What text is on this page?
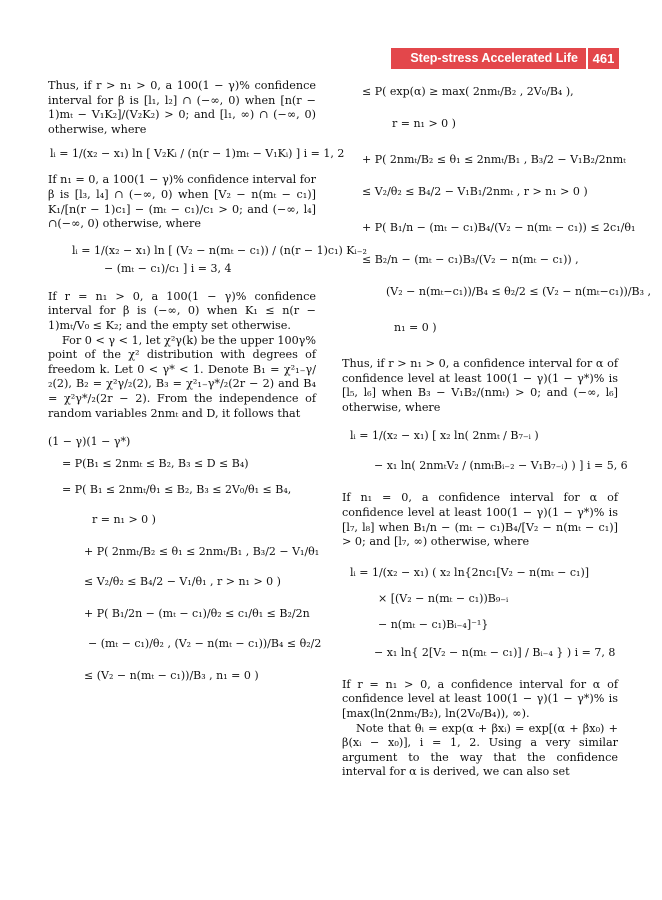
Step-stress Accelerated Life Testing
461

Thus, if r > n₁ > 0, a 100(1 − γ)% confidence interval for β is [l₁, l₂] ∩ (−∞, 0) when [n(r − 1)mₜ − V₁K₂]/(V₂K₂) > 0; and [l₁, ∞) ∩ (−∞, 0) otherwise, where

lᵢ = 1/(x₂ − x₁) ln [ V₂Kᵢ / (n(r − 1)mₜ − V₁Kᵢ) ] i = 1, 2

If n₁ = 0, a 100(1 − γ)% confidence interval for β is [l₃, l₄] ∩ (−∞, 0) when [V₂ − n(mₜ − c₁)] K₁/[n(r − 1)c₁] − (mₜ − c₁)/c₁ > 0; and (−∞, l₄] ∩(−∞, 0) otherwise, where

lᵢ = 1/(x₂ − x₁) ln [ (V₂ − n(mₜ − c₁)) / (n(r − 1)c₁) Kᵢ₋₂
− (mₜ − c₁)/c₁ ] i = 3, 4

If r = n₁ > 0, a 100(1 − γ)% confidence interval for β is (−∞, 0) when K₁ ≤ n(r − 1)mₜ/V₀ ≤ K₂; and the empty set otherwise.

For 0 < γ < 1, let χ²γ(k) be the upper 100γ% point of the χ² distribution with degrees of freedom k. Let 0 < γ* < 1. Denote B₁ = χ²₁₋γ/₂(2), B₂ = χ²γ/₂(2), B₃ = χ²₁₋γ*/₂(2r − 2) and B₄ = χ²γ*/₂(2r − 2). From the independence of random variables 2nmₜ and D, it follows that

(1 − γ)(1 − γ*)
= P(B₁ ≤ 2nmₜ ≤ B₂, B₃ ≤ D ≤ B₄)
= P( B₁ ≤ 2nmₜ/θ₁ ≤ B₂, B₃ ≤ 2V₀/θ₁ ≤ B₄,
r = n₁ > 0 )
+ P( 2nmₜ/B₂ ≤ θ₁ ≤ 2nmₜ/B₁ , B₃/2 − V₁/θ₁
≤ V₂/θ₂ ≤ B₄/2 − V₁/θ₁ , r > n₁ > 0 )
+ P( B₁/2n − (mₜ − c₁)/θ₂ ≤ c₁/θ₁ ≤ B₂/2n
− (mₜ − c₁)/θ₂ , (V₂ − n(mₜ − c₁))/B₄ ≤ θ₂/2
≤ (V₂ − n(mₜ − c₁))/B₃ , n₁ = 0 )
≤ P( exp(α) ≥ max( 2nmₜ/B₂ , 2V₀/B₄ ),
r = n₁ > 0 )
+ P( 2nmₜ/B₂ ≤ θ₁ ≤ 2nmₜ/B₁ , B₃/2 − V₁B₂/2nmₜ
≤ V₂/θ₂ ≤ B₄/2 − V₁B₁/2nmₜ , r > n₁ > 0 )
+ P( B₁/n − (mₜ − c₁)B₄/(V₂ − n(mₜ − c₁)) ≤ 2c₁/θ₁
≤ B₂/n − (mₜ − c₁)B₃/(V₂ − n(mₜ − c₁)) ,
(V₂ − n(mₜ−c₁))/B₄ ≤ θ₂/2 ≤ (V₂ − n(mₜ−c₁))/B₃ ,
n₁ = 0 )

Thus, if r > n₁ > 0, a confidence interval for α of confidence level at least 100(1 − γ)(1 − γ*)% is [l₅, l₆] when B₃ − V₁B₂/(nmₜ) > 0; and (−∞, l₆] otherwise, where

lᵢ = 1/(x₂ − x₁) [ x₂ ln( 2nmₜ / B₇₋ᵢ )
− x₁ ln( 2nmₜV₂ / (nmₜBᵢ₋₂ − V₁B₇₋ᵢ) ) ] i = 5, 6

If n₁ = 0, a confidence interval for α of confidence level at least 100(1 − γ)(1 − γ*)% is [l₇, l₈] when B₁/n − (mₜ − c₁)B₄/[V₂ − n(mₜ − c₁)] > 0; and [l₇, ∞) otherwise, where

lᵢ = 1/(x₂ − x₁) ( x₂ ln{2nc₁[V₂ − n(mₜ − c₁)]
× [(V₂ − n(mₜ − c₁))B₉₋ᵢ
− n(mₜ − c₁)Bᵢ₋₄]⁻¹}
− x₁ ln{ 2[V₂ − n(mₜ − c₁)] / Bᵢ₋₄ } ) i = 7, 8

If r = n₁ > 0, a confidence interval for α of confidence level at least 100(1 − γ)(1 − γ*)% is [max(ln(2nmₜ/B₂), ln(2V₀/B₄)), ∞).

Note that θᵢ = exp(α + βxᵢ) = exp[(α + βx₀) + β(xᵢ − x₀)], i = 1, 2. Using a very similar argument to the way that the confidence interval for α is derived, we can also set
